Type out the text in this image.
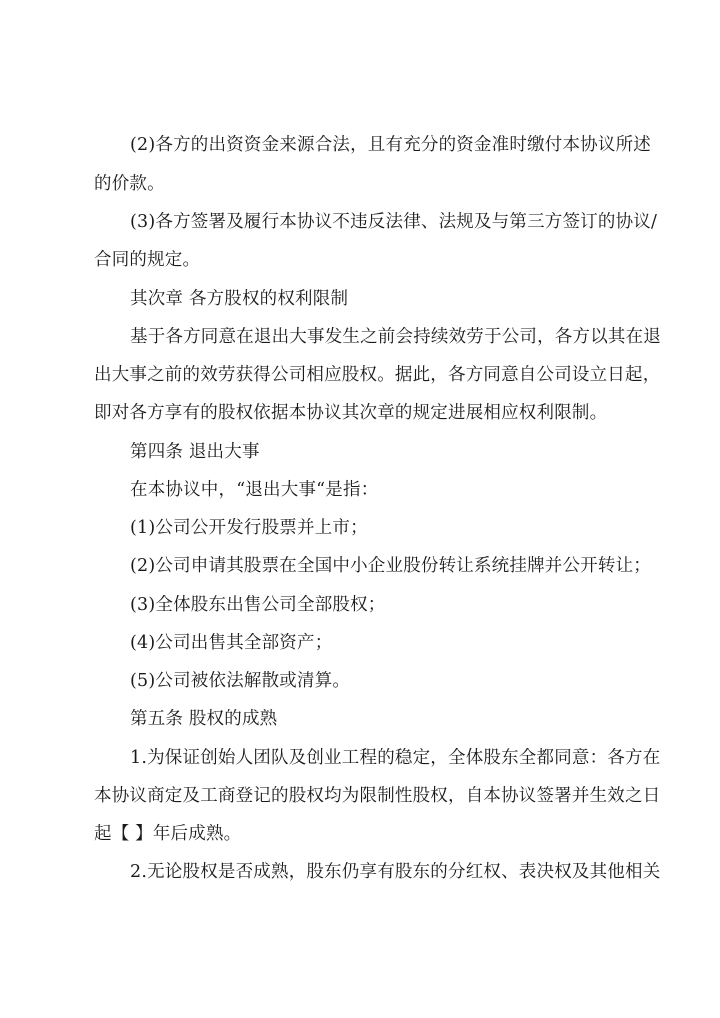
(2)各方的出资资金来源合法，且有充分的资金准时缴付本协议所述
的价款。
(3)各方签署及履行本协议不违反法律、法规及与第三方签订的协议/
合同的规定。
其次章 各方股权的权利限制
基于各方同意在退出大事发生之前会持续效劳于公司，各方以其在退
出大事之前的效劳获得公司相应股权。据此，各方同意自公司设立日起，
即对各方享有的股权依据本协议其次章的规定进展相应权利限制。
第四条 退出大事
在本协议中，“退出大事“是指：
(1)公司公开发行股票并上市；
(2)公司申请其股票在全国中小企业股份转让系统挂牌并公开转让；
(3)全体股东出售公司全部股权；
(4)公司出售其全部资产；
(5)公司被依法解散或清算。
第五条 股权的成熟
1.为保证创始人团队及创业工程的稳定，全体股东全都同意：各方在
本协议商定及工商登记的股权均为限制性股权，自本协议签署并生效之日
起【 】年后成熟。
2.无论股权是否成熟，股东仍享有股东的分红权、表决权及其他相关
